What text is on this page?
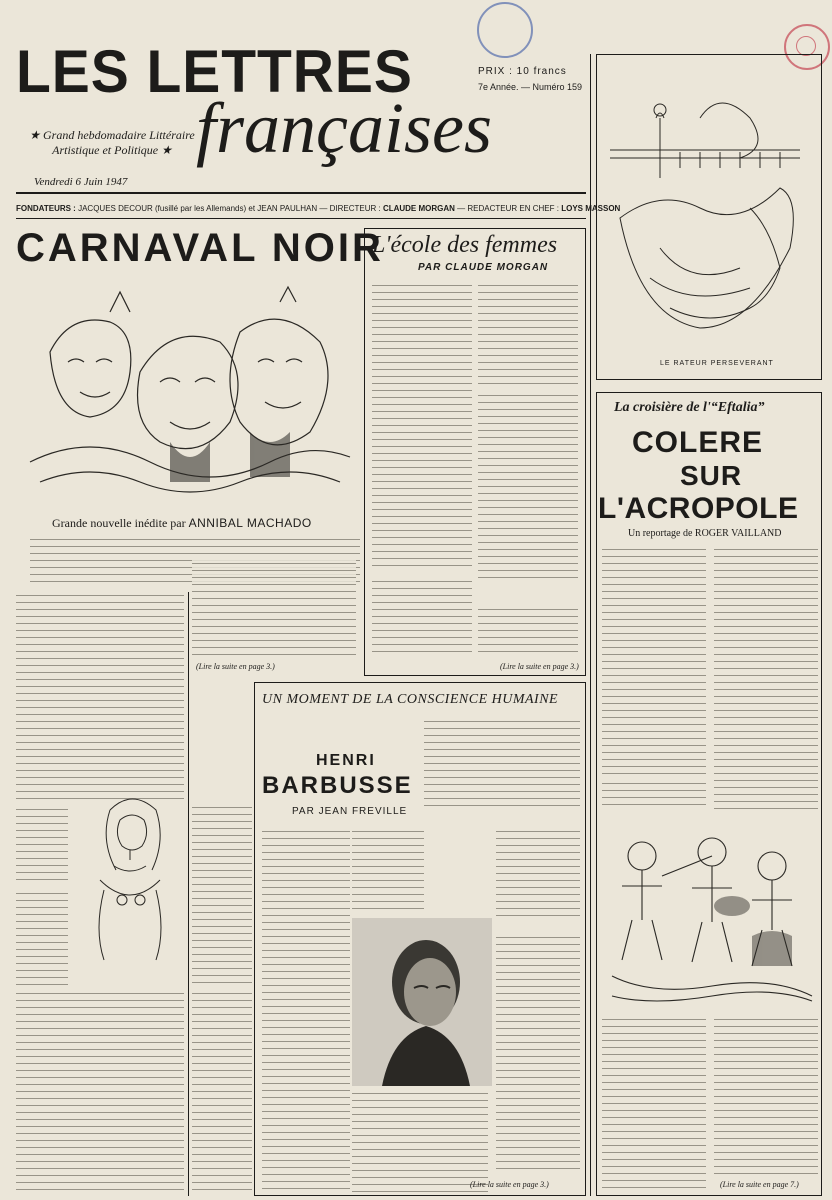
LES LETTRES
françaises
★ Grand hebdomadaire Littéraire
Artistique et Politique ★
Vendredi 6 Juin 1947
PRIX : 10 francs
7e Année. — Numéro 159
FONDATEURS : JACQUES DECOUR (fusillé par les Allemands) et JEAN PAULHAN — DIRECTEUR : CLAUDE MORGAN — REDACTEUR EN CHEF : LOYS MASSON
CARNAVAL NOIR
Grande nouvelle inédite par ANNIBAL MACHADO
(Lire la suite en page 3.)
L'école des femmes
PAR CLAUDE MORGAN
(Lire la suite en page 3.)
UN MOMENT DE LA CONSCIENCE HUMAINE
HENRI
BARBUSSE
PAR JEAN FREVILLE
(Lire la suite en page 3.)
LE RATEUR PERSEVERANT
La croisière de l'“Eftalia”
COLERE
SUR
L'ACROPOLE
Un reportage de ROGER VAILLAND
(Lire la suite en page 7.)
